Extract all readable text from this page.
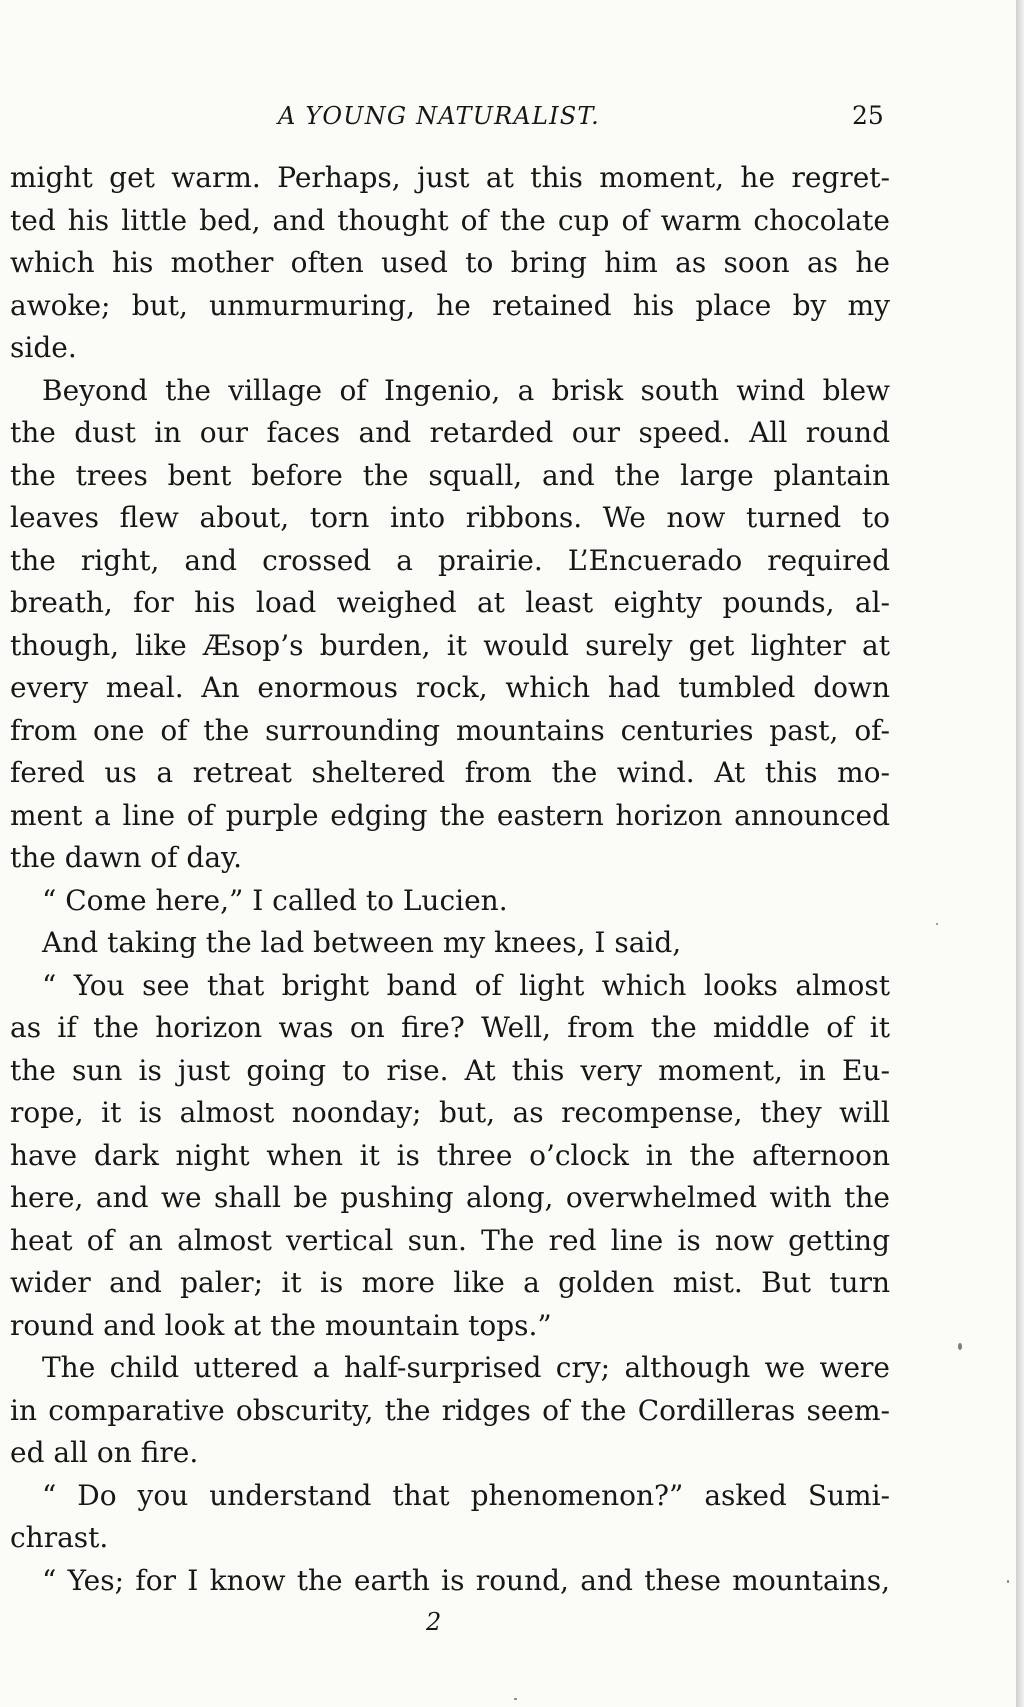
A YOUNG NATURALIST.	25
might get warm. Perhaps, just at this moment, he regret-
ted his little bed, and thought of the cup of warm chocolate
which his mother often used to bring him as soon as he
awoke; but, unmurmuring, he retained his place by my
side.
Beyond the village of Ingenio, a brisk south wind blew
the dust in our faces and retarded our speed. All round
the trees bent before the squall, and the large plantain
leaves flew about, torn into ribbons. We now turned to
the right, and crossed a prairie. L’Encuerado required
breath, for his load weighed at least eighty pounds, al-
though, like Æsop’s burden, it would surely get lighter at
every meal. An enormous rock, which had tumbled down
from one of the surrounding mountains centuries past, of-
fered us a retreat sheltered from the wind. At this mo-
ment a line of purple edging the eastern horizon announced
the dawn of day.
“ Come here,” I called to Lucien.
And taking the lad between my knees, I said,
“ You see that bright band of light which looks almost
as if the horizon was on fire? Well, from the middle of it
the sun is just going to rise. At this very moment, in Eu-
rope, it is almost noonday; but, as recompense, they will
have dark night when it is three o’clock in the afternoon
here, and we shall be pushing along, overwhelmed with the
heat of an almost vertical sun. The red line is now getting
wider and paler; it is more like a golden mist. But turn
round and look at the mountain tops.”
The child uttered a half-surprised cry; although we were
in comparative obscurity, the ridges of the Cordilleras seem-
ed all on fire.
“ Do you understand that phenomenon?” asked Sumi-
chrast.
“ Yes; for I know the earth is round, and these mountains,
2
